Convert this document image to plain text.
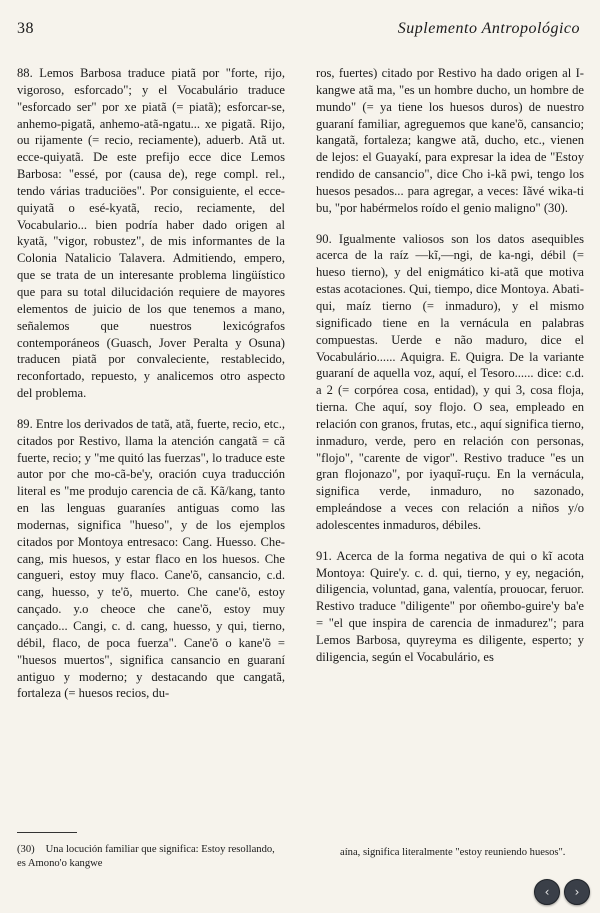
38	Suplemento Antropológico

88. Lemos Barbosa traduce piatã por "forte, rijo, vigoroso, esforcado"; y el Vocabulário traduce "esforcado ser" por xe piatã (= piatã); esforcar-se, anhemo-pigatã, anhemo-atã-ngatu... xe pigatã. Rijo, ou rijamente (= recio, reciamente), aduerb. Atã ut. ecce-quiyatã. De este prefijo ecce dice Lemos Barbosa: "essé, por (causa de), rege compl. rel., tendo várias traduciöes". Por consiguiente, el ecce-quiyatã o esé-kyatã, recio, reciamente, del Vocabulario... bien podría haber dado origen al kyatã, "vigor, robustez", de mis informantes de la Colonia Natalicio Talavera. Admitiendo, empero, que se trata de un interesante problema lingüístico que para su total dilucidación requiere de mayores elementos de juicio de los que tenemos a mano, señalemos que nuestros lexicógrafos contemporáneos (Guasch, Jover Peralta y Osuna) traducen piatã por convaleciente, restablecido, reconfortado, repuesto, y analicemos otro aspecto del problema.

89. Entre los derivados de tatã, atã, fuerte, recio, etc., citados por Restivo, llama la atención cangatã = cã fuerte, recio; y "me quitó las fuerzas", lo traduce este autor por che mo-cã-be'y, oración cuya traducción literal es "me produjo carencia de cã. Kã/kang, tanto en las lenguas guaraníes antiguas como las modernas, significa "hueso", y de los ejemplos citados por Montoya entresaco: Cang. Huesso. Che-cang, mis huesos, y estar flaco en los huesos. Che cangueri, estoy muy flaco. Cane'õ, cansancio, c.d. cang, huesso, y te'õ, muerto. Che cane'õ, estoy cançado. y.o cheoce che cane'õ, estoy muy cançado... Cangi, c. d. cang, huesso, y qui, tierno, débil, flaco, de poca fuerza". Cane'õ o kane'õ = "huesos muertos", significa cansancio en guaraní antiguo y moderno; y destacando que cangatã, fortaleza (= huesos recios, du-

ros, fuertes) citado por Restivo ha dado origen al I-kangwe atã ma, "es un hombre ducho, un hombre de mundo" (= ya tiene los huesos duros) de nuestro guaraní familiar, agreguemos que kane'õ, cansancio; kangatã, fortaleza; kangwe atã, ducho, etc., vienen de lejos: el Guayakí, para expresar la idea de "Estoy rendido de cansancio", dice Cho i-kã pwi, tengo los huesos pesados... para agregar, a veces: Iãvé wika-ti bu, "por habérmelos roído el genio maligno" (30).

90. Igualmente valiosos son los datos asequibles acerca de la raíz —kĩ,—ngi, de ka-ngi, débil (= hueso tierno), y del enigmático ki-atã que motiva estas acotaciones. Qui, tiempo, dice Montoya. Abati-qui, maíz tierno (= inmaduro), y el mismo significado tiene en la vernácula en palabras compuestas. Uerde e não maduro, dice el Vocabulário...... Aquigra. E. Quigra. De la variante guaraní de aquella voz, aquí, el Tesoro...... dice: c.d. a 2 (= corpórea cosa, entidad), y qui 3, cosa floja, tierna. Che aquí, soy flojo. O sea, empleado en relación con granos, frutas, etc., aquí significa tierno, inmaduro, verde, pero en relación con personas, "flojo", "carente de vigor". Restivo traduce "es un gran flojonazo", por iyaquĩ-ruçu. En la vernácula, significa verde, inmaduro, no sazonado, empleándose a veces con relación a niños y/o adolescentes inmaduros, débiles.

91. Acerca de la forma negativa de qui o kĩ acota Montoya: Quire'y. c. d. qui, tierno, y ey, negación, diligencia, voluntad, gana, valentía, prouocar, feruor. Restivo traduce "diligente" por oñembo-guire'y ba'e = "el que inspira de carencia de inmadurez"; para Lemos Barbosa, quyreyma es diligente, esperto; y diligencia, según el Vocabulário, es

(30) Una locución familiar que significa: Estoy resollando, es Amono'o kangwe
aína, significa literalmente "estoy reuniendo huesos".
‹ ›
